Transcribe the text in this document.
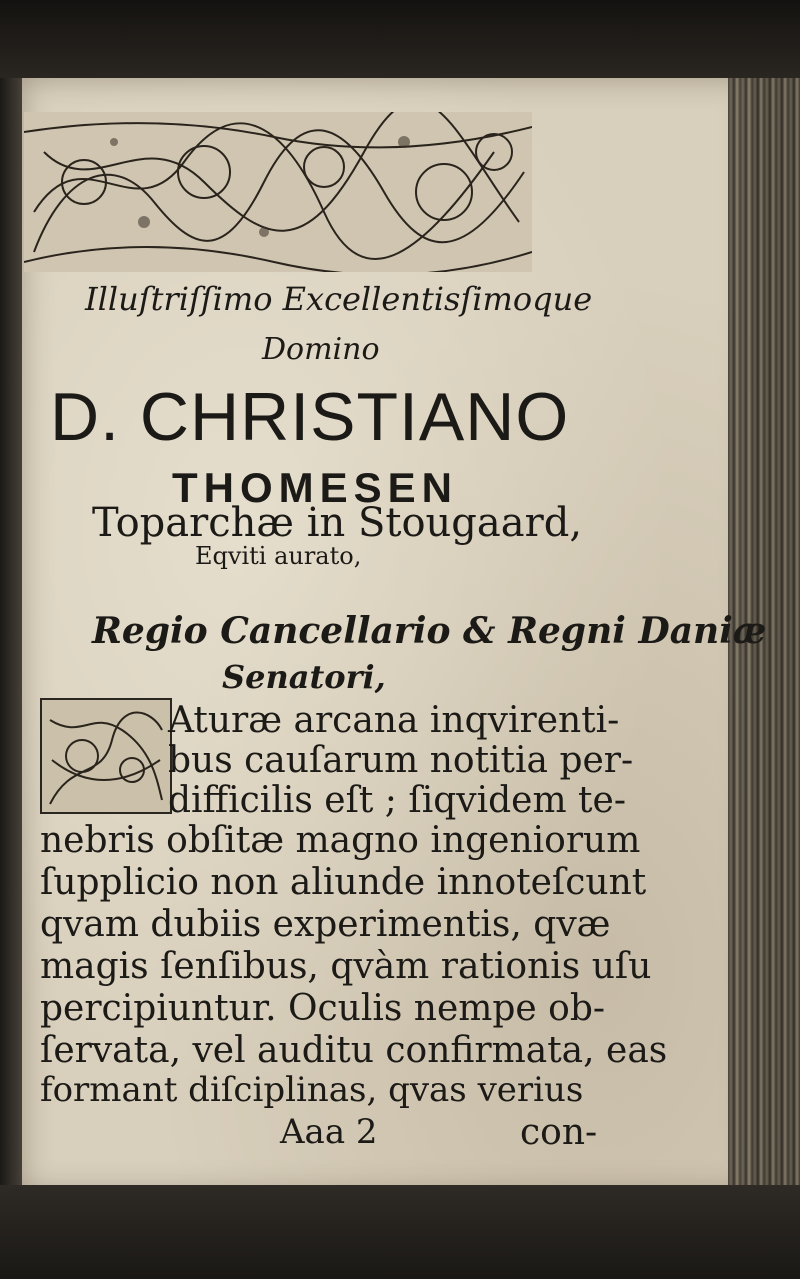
Illuſtriſſimo Excellentisſimoque
Domino
D. CHRISTIANO
THOMESEN
Toparchæ in Stougaard,
Eqviti aurato,
Regio Cancellario & Regni Daniæ
Senatori,
Aturæ arcana inqvirenti-
bus cauſarum notitia per-
difficilis eſt ; ſiqvidem te-
nebris obſitæ magno ingeniorum
ſupplicio non aliunde innoteſcunt
qvam dubiis experimentis, qvæ
magis ſenſibus, qvàm rationis uſu
percipiuntur. Oculis nempe ob-
ſervata, vel auditu confirmata, eas
formant diſciplinas, qvas verius
Aaa 2	con-
